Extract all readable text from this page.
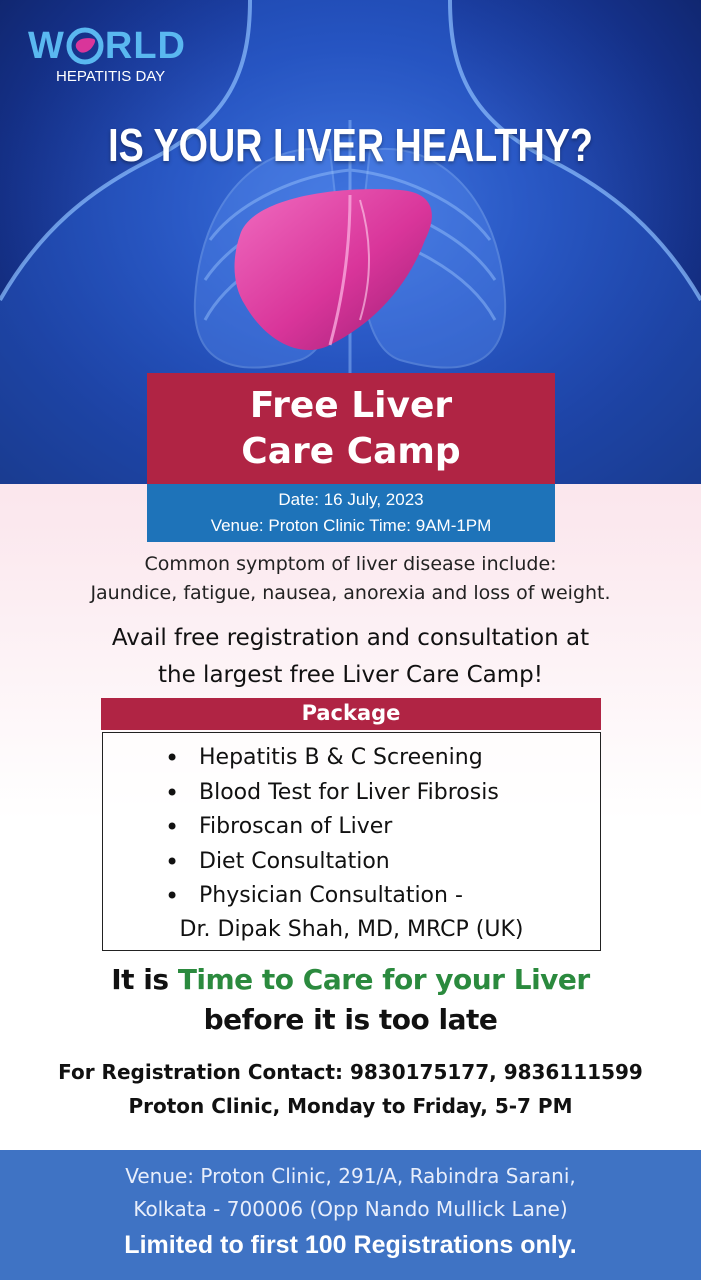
W RLD
HEPATITIS DAY
IS YOUR LIVER HEALTHY?
Free Liver
Care Camp
Date: 16 July, 2023
Venue: Proton Clinic Time: 9AM-1PM
Common symptom of liver disease include:
Jaundice, fatigue, nausea, anorexia and loss of weight.
Avail free registration and consultation at
the largest free Liver Care Camp!
Package
• Hepatitis B & C Screening
• Blood Test for Liver Fibrosis
• Fibroscan of Liver
• Diet Consultation
• Physician Consultation -
Dr. Dipak Shah, MD, MRCP (UK)
It is Time to Care for your Liver
before it is too late
For Registration Contact: 9830175177, 9836111599
Proton Clinic, Monday to Friday, 5-7 PM
Venue: Proton Clinic, 291/A, Rabindra Sarani,
Kolkata - 700006 (Opp Nando Mullick Lane)
Limited to first 100 Registrations only.
